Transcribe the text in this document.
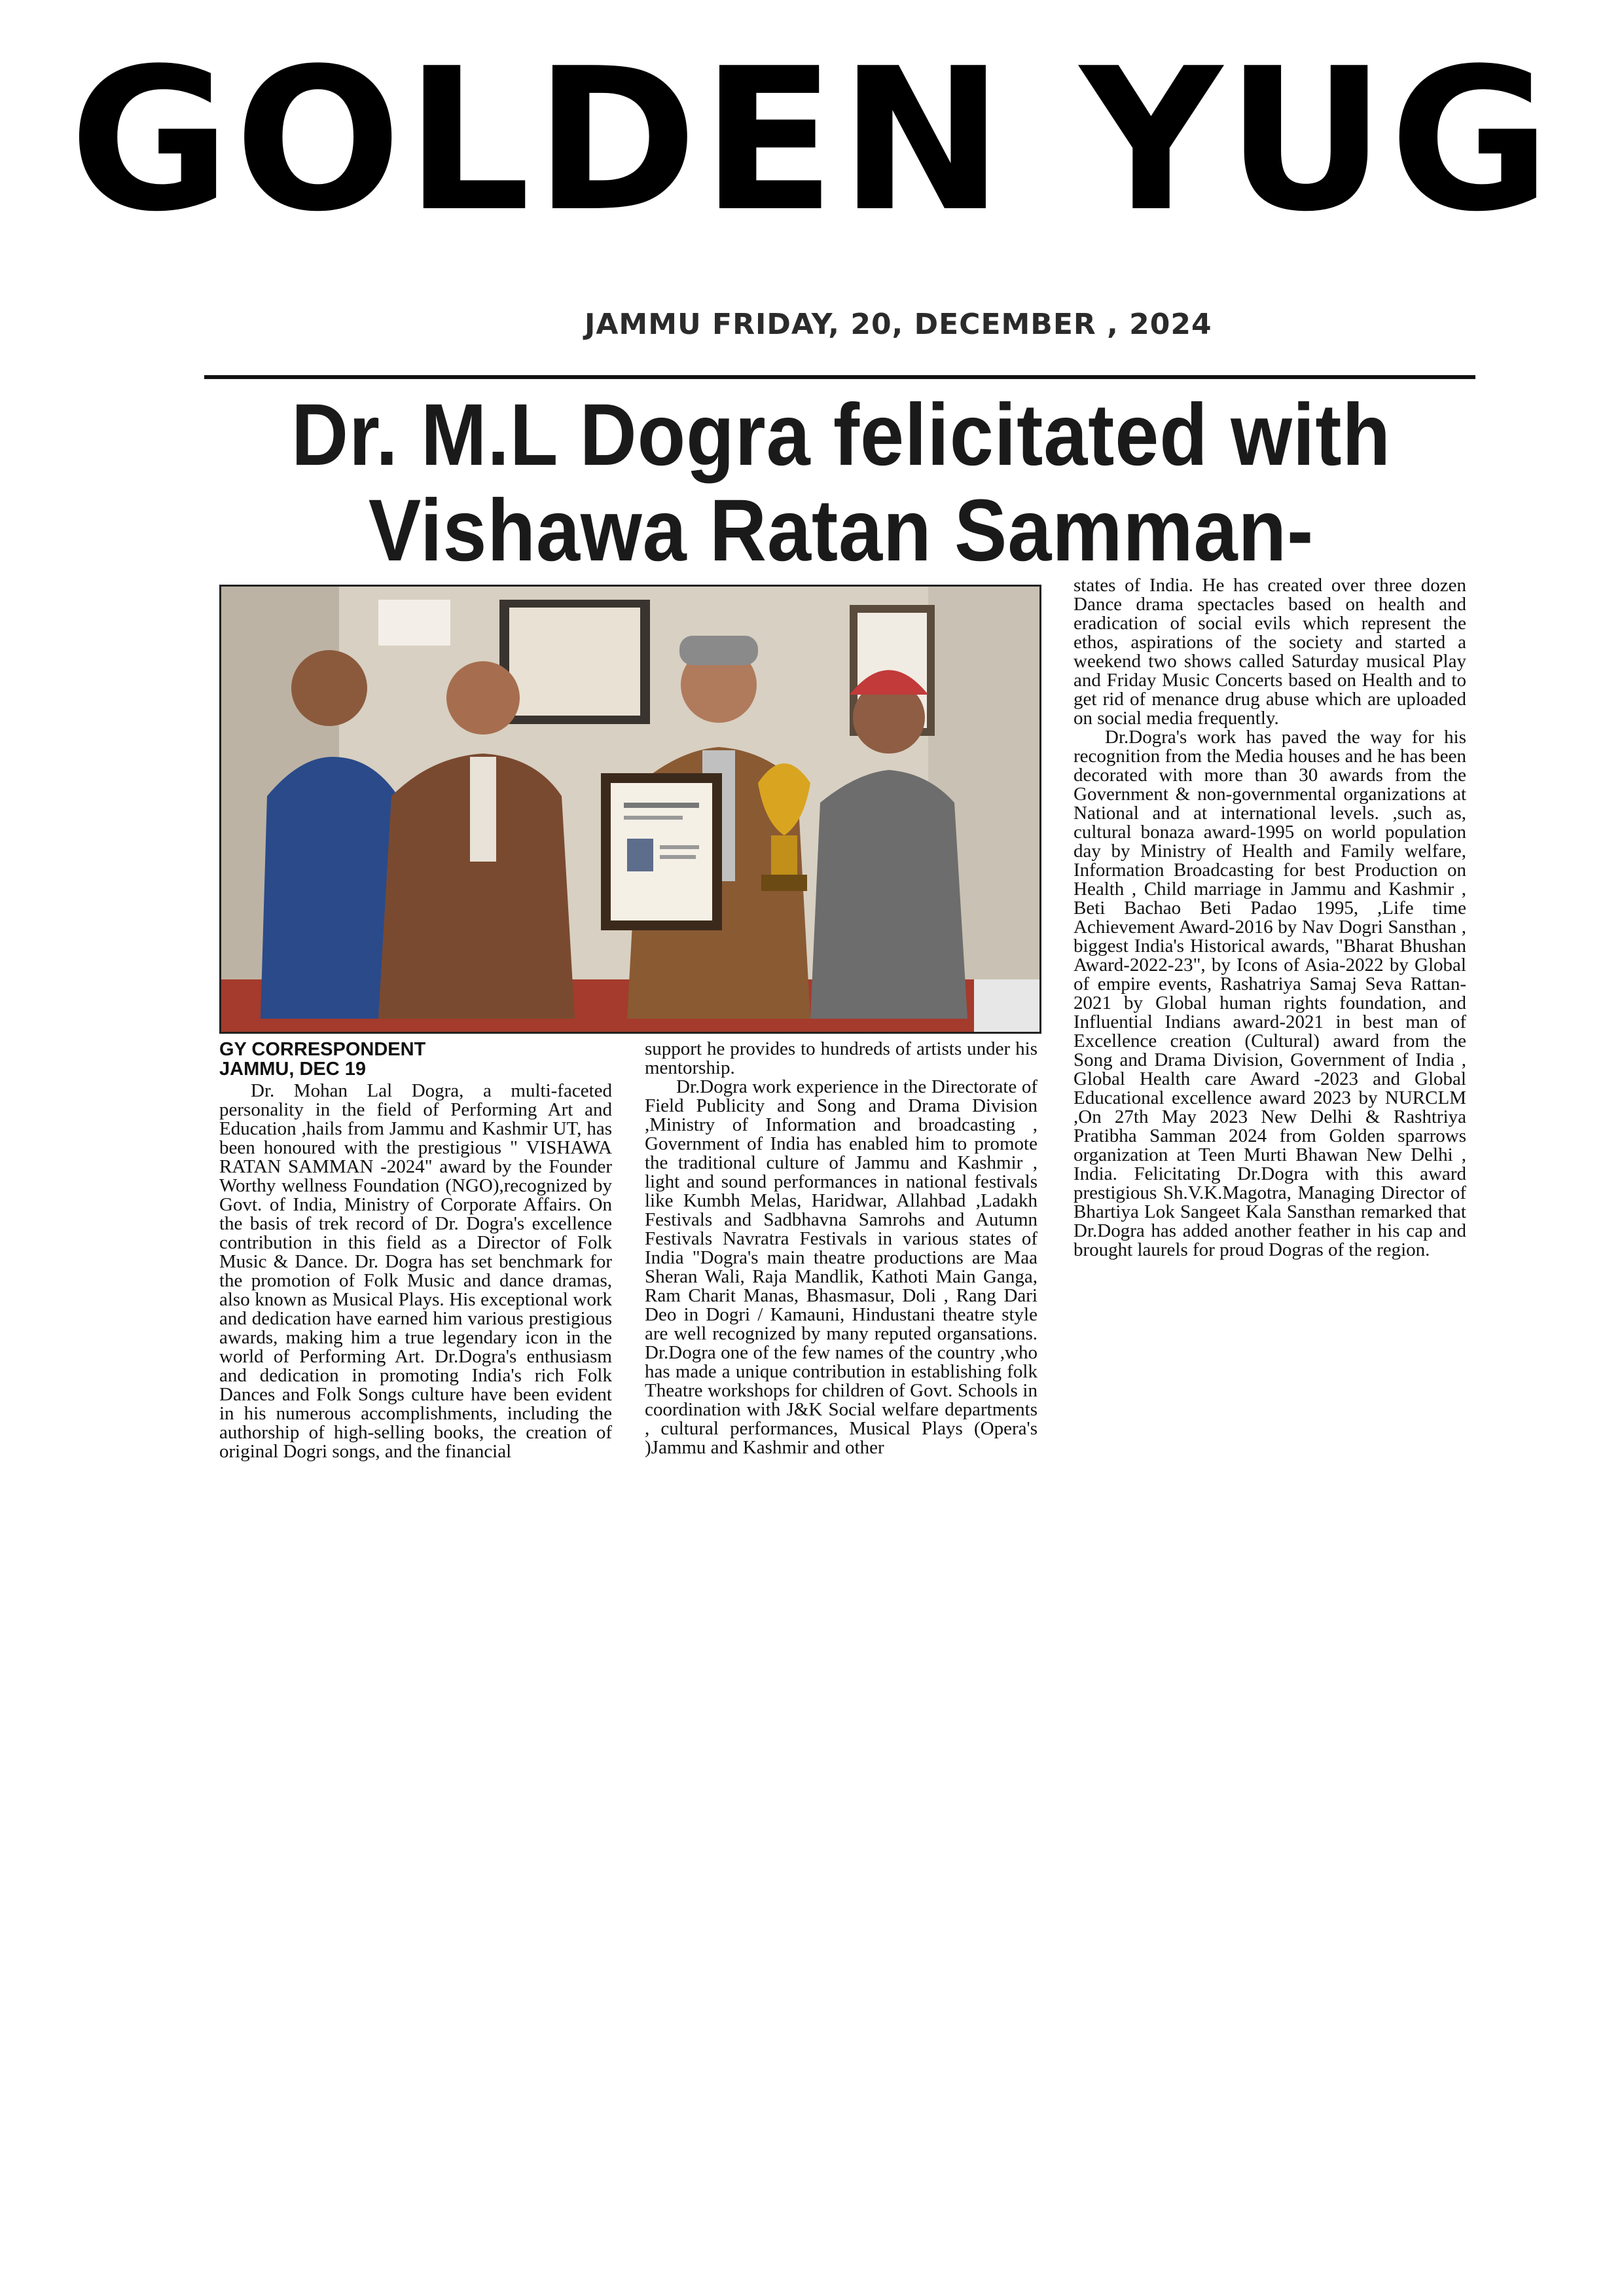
GOLDEN YUG
JAMMU FRIDAY, 20, DECEMBER , 2024
Dr. M.L Dogra felicitated with
Vishawa Ratan Samman-
GY CORRESPONDENT
JAMMU, DEC 19

Dr. Mohan Lal Dogra, a multi-faceted personality in the field of Performing Art and Education ,hails from Jammu and Kashmir UT, has been honoured with the prestigious " VISHAWA RATAN SAMMAN -2024" award by the Founder Worthy wellness Foundation (NGO),recognized by Govt. of India, Ministry of Corporate Affairs. On the basis of trek record of Dr. Dogra's excellence contribution in this field as a Director of Folk Music & Dance. Dr. Dogra has set benchmark for the promotion of Folk Music and dance dramas, also known as Musical Plays. His exceptional work and dedication have earned him various prestigious awards, making him a true legendary icon in the world of Performing Art. Dr.Dogra's enthusiasm and dedication in promoting India's rich Folk Dances and Folk Songs culture have been evident in his numerous accomplishments, including the authorship of high-selling books, the creation of original Dogri songs, and the financial

support he provides to hundreds of artists under his mentorship.

Dr.Dogra work experience in the Directorate of Field Publicity and Song and Drama Division ,Ministry of Information and broadcasting , Government of India has enabled him to promote the traditional culture of Jammu and Kashmir , light and sound performances in national festivals like Kumbh Melas, Haridwar, Allahbad ,Ladakh Festivals and Sadbhavna Samrohs and Autumn Festivals Navratra Festivals in various states of India "Dogra's main theatre productions are Maa Sheran Wali, Raja Mandlik, Kathoti Main Ganga, Ram Charit Manas, Bhasmasur, Doli , Rang Dari Deo in Dogri / Kamauni, Hindustani theatre style are well recognized by many reputed organsations. Dr.Dogra one of the few names of the country ,who has made a unique contribution in establishing folk Theatre workshops for children of Govt. Schools in coordination with J&K Social welfare departments , cultural performances, Musical Plays (Opera's )Jammu and Kashmir and other

states of India. He has created over three dozen Dance drama spectacles based on health and eradication of social evils which represent the ethos, aspirations of the society and started a weekend two shows called Saturday musical Play and Friday Music Concerts based on Health and to get rid of menance drug abuse which are uploaded on social media frequently.

Dr.Dogra's work has paved the way for his recognition from the Media houses and he has been decorated with more than 30 awards from the Government & non-governmental organizations at National and at international levels. ,such as, cultural bonaza award-1995 on world population day by Ministry of Health and Family welfare, Information Broadcasting for best Production on Health , Child marriage in Jammu and Kashmir , Beti Bachao Beti Padao 1995, ,Life time Achievement Award-2016 by Nav Dogri Sansthan , biggest India's Historical awards, "Bharat Bhushan Award-2022-23", by Icons of Asia-2022 by Global of empire events, Rashatriya Samaj Seva Rattan-2021 by Global human rights foundation, and Influential Indians award-2021 in best man of Excellence creation (Cultural) award from the Song and Drama Division, Government of India , Global Health care Award -2023 and Global Educational excellence award 2023 by NURCLM ,On 27th May 2023 New Delhi & Rashtriya Pratibha Samman 2024 from Golden sparrows organization at Teen Murti Bhawan New Delhi , India. Felicitating Dr.Dogra with this award prestigious Sh.V.K.Magotra, Managing Director of Bhartiya Lok Sangeet Kala Sansthan remarked that Dr.Dogra has added another feather in his cap and brought laurels for proud Dogras of the region.
